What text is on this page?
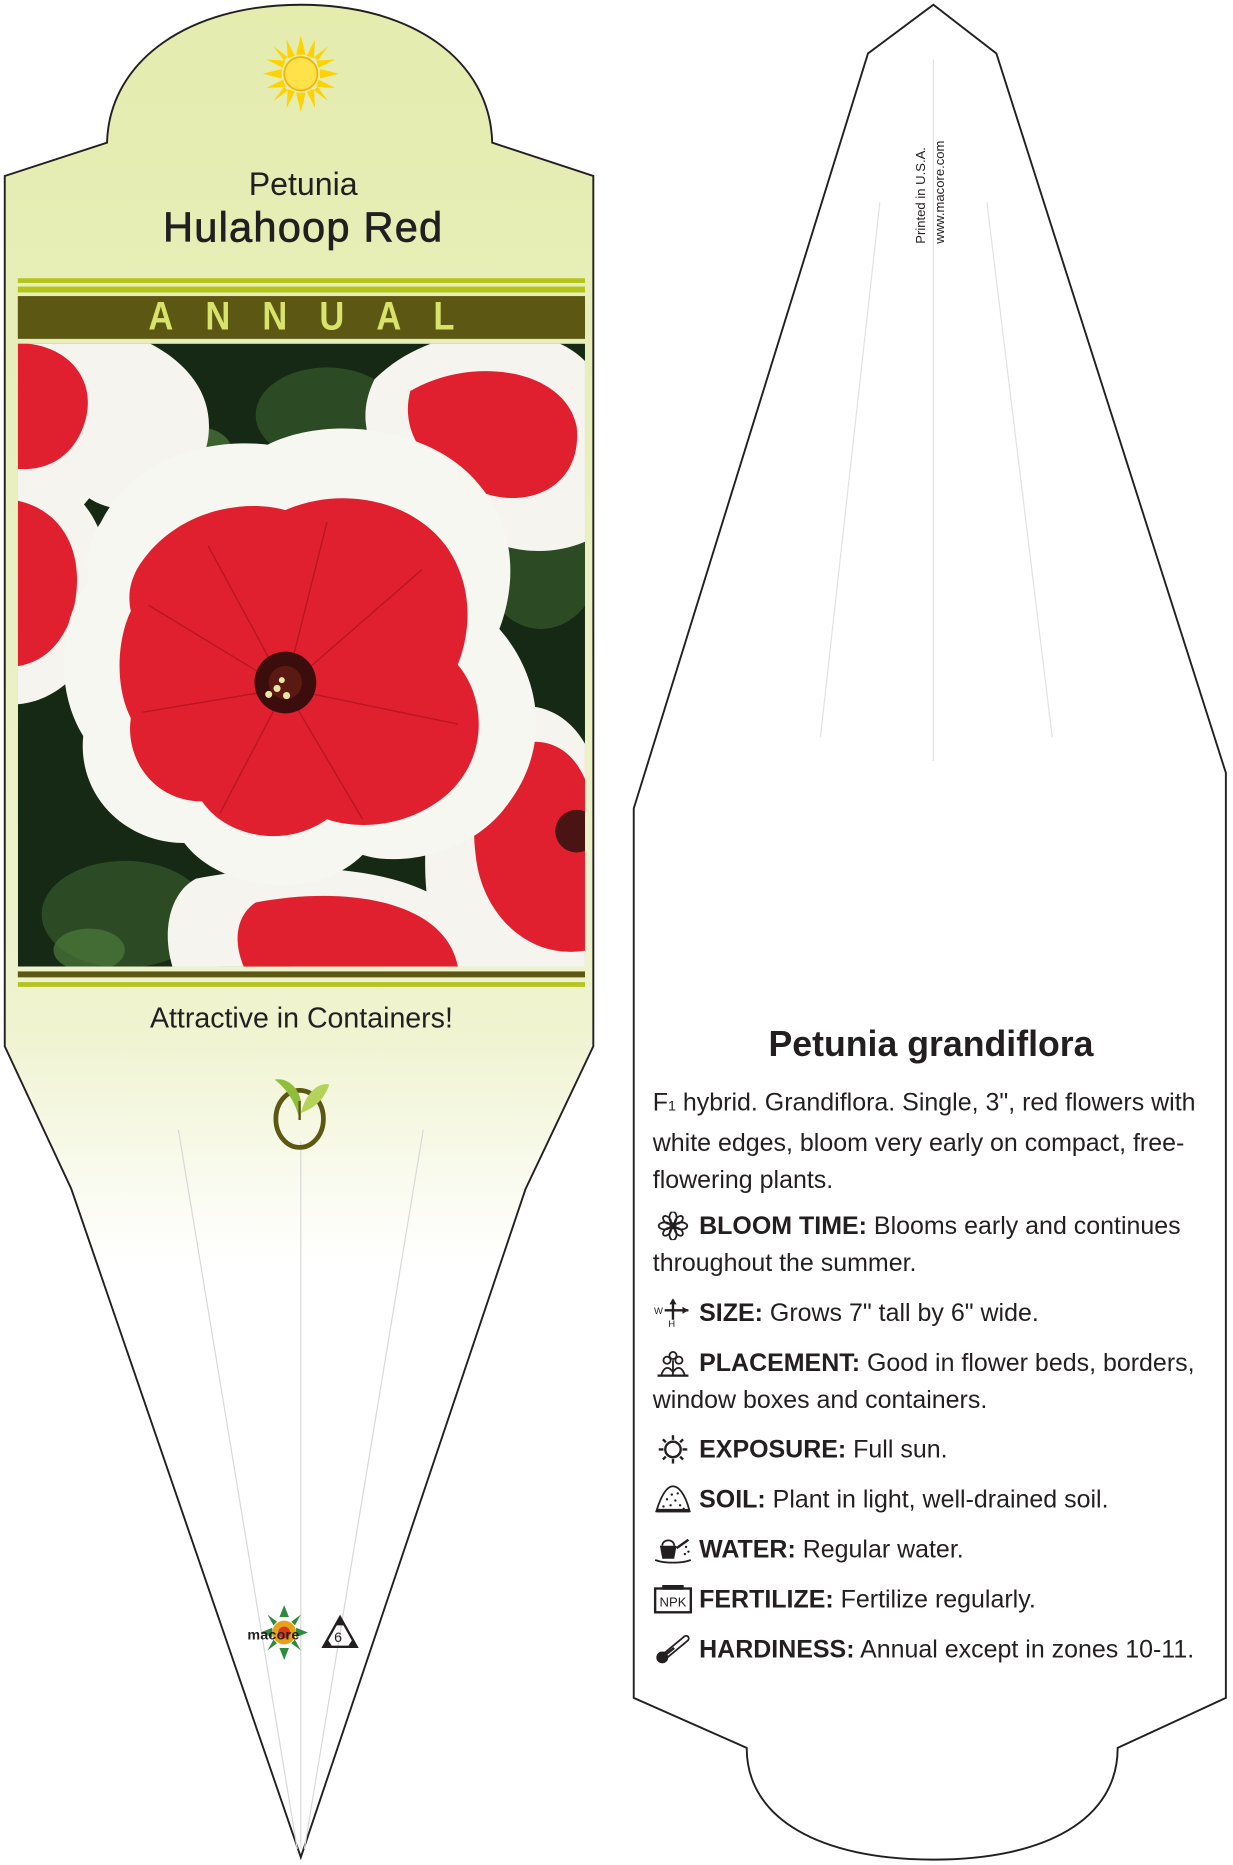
Petunia
Hulahoop Red
ANNUAL
Attractive in Containers!
macore	6
Printed in U.S.A. www.macore.com
Petunia grandiflora
F1 hybrid. Grandiflora. Single, 3", red flowers with white edges, bloom very early on compact, free-flowering plants.
BLOOM TIME: Blooms early and continues throughout the summer.
W
H SIZE: Grows 7" tall by 6" wide.
PLACEMENT: Good in flower beds, borders, window boxes and containers.
EXPOSURE: Full sun.
SOIL: Plant in light, well-drained soil.
WATER: Regular water.
NPK FERTILIZE: Fertilize regularly.
HARDINESS: Annual except in zones 10-11.
